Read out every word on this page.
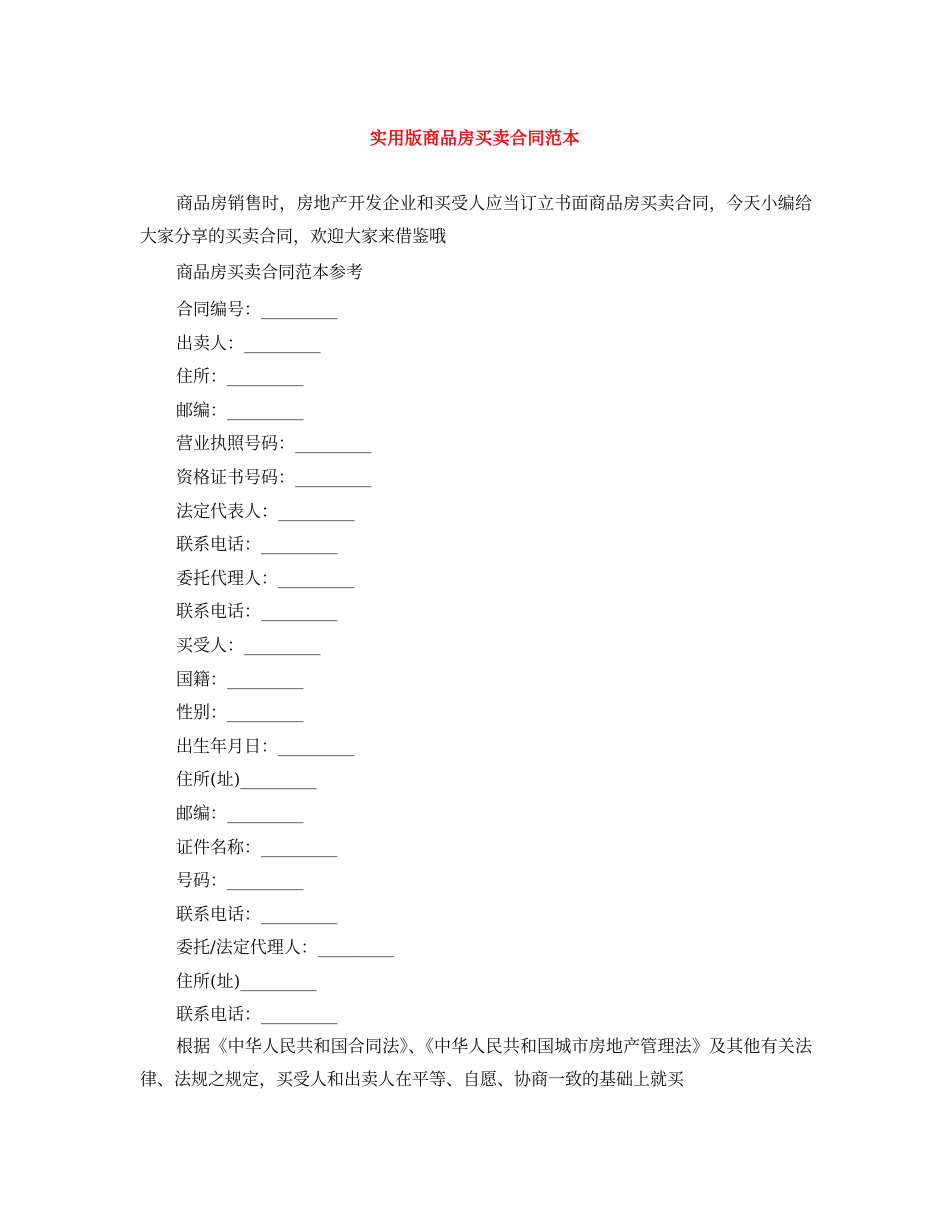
实用版商品房买卖合同范本

商品房销售时，房地产开发企业和买受人应当订立书面商品房买卖合同，今天小编给大家分享的买卖合同，欢迎大家来借鉴哦

商品房买卖合同范本参考

合同编号：_________
出卖人：_________
住所：_________
邮编：_________
营业执照号码：_________
资格证书号码：_________
法定代表人：_________
联系电话：_________
委托代理人：_________
联系电话：_________
买受人：_________
国籍：_________
性别：_________
出生年月日：_________
住所(址)_________
邮编：_________
证件名称：_________
号码：_________
联系电话：_________
委托/法定代理人：_________
住所(址)_________
联系电话：_________

根据《中华人民共和国合同法》、《中华人民共和国城市房地产管理法》及其他有关法律、法规之规定，买受人和出卖人在平等、自愿、协商一致的基础上就买
